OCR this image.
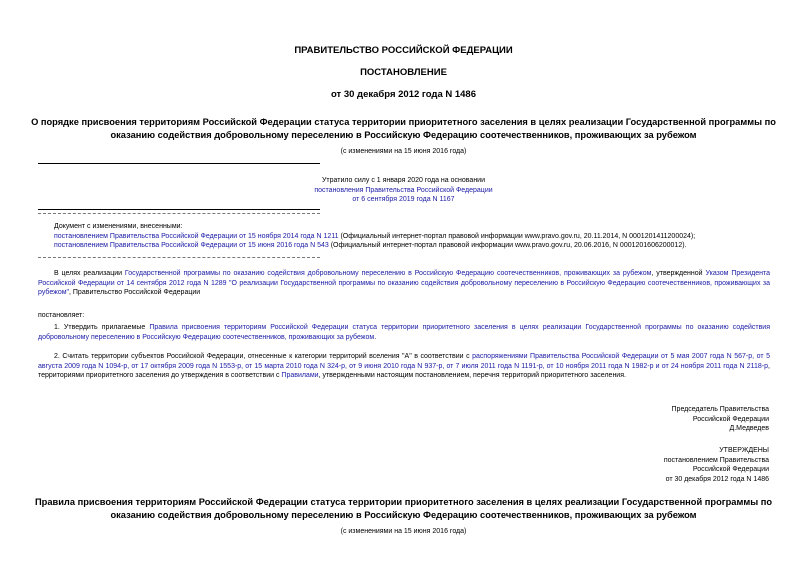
ПРАВИТЕЛЬСТВО РОССИЙСКОЙ ФЕДЕРАЦИИ
ПОСТАНОВЛЕНИЕ
от 30 декабря 2012 года N 1486
О порядке присвоения территориям Российской Федерации статуса территории приоритетного заселения в целях реализации Государственной программы по
оказанию содействия добровольному переселению в Российскую Федерацию соотечественников, проживающих за рубежом
(с изменениями на 15 июня 2016 года)
Утратило силу с 1 января 2020 года на основании
постановления Правительства Российской Федерации
от 6 сентября 2019 года N 1167
Документ с изменениями, внесенными:
постановлением Правительства Российской Федерации от 15 ноября 2014 года N 1211 (Официальный интернет-портал правовой информации www.pravo.gov.ru, 20.11.2014, N 0001201411200024);
постановлением Правительства Российской Федерации от 15 июня 2016 года N 543 (Официальный интернет-портал правовой информации www.pravo.gov.ru, 20.06.2016, N 0001201606200012).
В целях реализации Государственной программы по оказанию содействия добровольному переселению в Российскую Федерацию соотечественников, проживающих за рубежом, утвержденной Указом Президента Российской Федерации от 14 сентября 2012 года N 1289 "О реализации Государственной программы по оказанию содействия добровольному переселению в Российскую Федерацию соотечественников, проживающих за рубежом", Правительство Российской Федерации
постановляет:
1. Утвердить прилагаемые Правила присвоения территориям Российской Федерации статуса территории приоритетного заселения в целях реализации Государственной программы по оказанию содействия добровольному переселению в Российскую Федерацию соотечественников, проживающих за рубежом.
2. Считать территории субъектов Российской Федерации, отнесенные к категории территорий вселения "А" в соответствии с распоряжениями Правительства Российской Федерации от 5 мая 2007 года N 567-р, от 5 августа 2009 года N 1094-р, от 17 октября 2009 года N 1553-р, от 15 марта 2010 года N 324-р, от 9 июня 2010 года N 937-р, от 7 июля 2011 года N 1191-р, от 10 ноября 2011 года N 1982-р и от 24 ноября 2011 года N 2118-р, территориями приоритетного заселения до утверждения в соответствии с Правилами, утвержденными настоящим постановлением, перечня территорий приоритетного заселения.
Председатель Правительства
Российской Федерации
Д.Медведев
УТВЕРЖДЕНЫ
постановлением Правительства
Российской Федерации
от 30 декабря 2012 года N 1486
Правила присвоения территориям Российской Федерации статуса территории приоритетного заселения в целях реализации Государственной программы по
оказанию содействия добровольному переселению в Российскую Федерацию соотечественников, проживающих за рубежом
(с изменениями на 15 июня 2016 года)
